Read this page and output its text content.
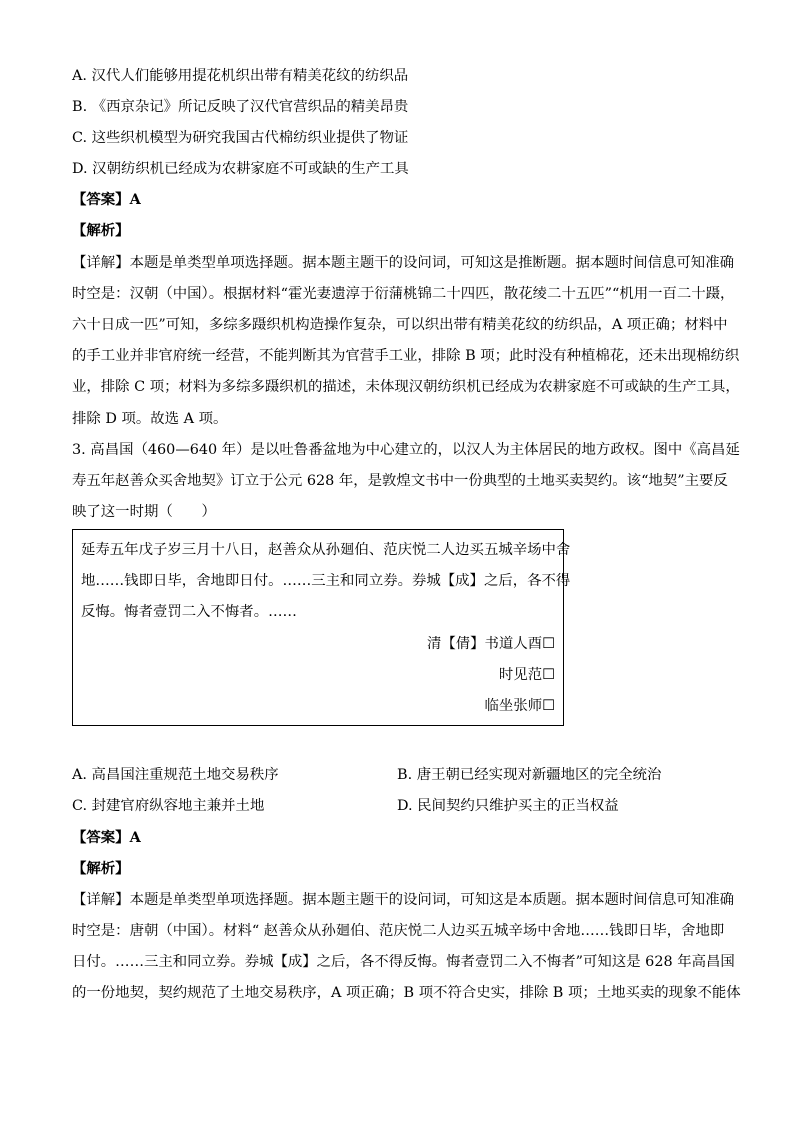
A. 汉代人们能够用提花机织出带有精美花纹的纺织品
B. 《西京杂记》所记反映了汉代官营织品的精美昂贵
C. 这些织机模型为研究我国古代棉纺织业提供了物证
D. 汉朝纺织机已经成为农耕家庭不可或缺的生产工具
【答案】A
【解析】
【详解】本题是单类型单项选择题。据本题主题干的设问词，可知这是推断题。据本题时间信息可知准确
时空是：汉朝（中国）。根据材料“霍光妻遗淳于衍蒲桃锦二十四匹，散花绫二十五匹”“机用一百二十蹑，
六十日成一匹”可知，多综多蹑织机构造操作复杂，可以织出带有精美花纹的纺织品，A 项正确；材料中
的手工业并非官府统一经营，不能判断其为官营手工业，排除 B 项；此时没有种植棉花，还未出现棉纺织
业，排除 C 项；材料为多综多蹑织机的描述，未体现汉朝纺织机已经成为农耕家庭不可或缺的生产工具，
排除 D 项。故选 A 项。
3. 高昌国（460—640 年）是以吐鲁番盆地为中心建立的，以汉人为主体居民的地方政权。图中《高昌延
寿五年赵善众买舍地契》订立于公元 628 年，是敦煌文书中一份典型的土地买卖契约。该“地契”主要反
映了这一时期（　　）
延寿五年戊子岁三月十八日，赵善众从孙廻伯、范庆悦二人边买五城辛场中舍
地……钱即日毕，舍地即日付。……三主和同立券。券城【成】之后，各不得
反悔。悔者壹罚二入不悔者。……
清【倩】书道人酉☐
时见范☐
临坐张师☐
A. 高昌国注重规范土地交易秩序	B. 唐王朝已经实现对新疆地区的完全统治
C. 封建官府纵容地主兼并土地	D. 民间契约只维护买主的正当权益
【答案】A
【解析】
【详解】本题是单类型单项选择题。据本题主题干的设问词，可知这是本质题。据本题时间信息可知准确
时空是：唐朝（中国）。材料“ 赵善众从孙廻伯、范庆悦二人边买五城辛场中舍地……钱即日毕，舍地即
日付。……三主和同立券。券城【成】之后，各不得反悔。悔者壹罚二入不悔者”可知这是 628 年高昌国
的一份地契，契约规范了土地交易秩序，A 项正确；B 项不符合史实，排除 B 项；土地买卖的现象不能体
